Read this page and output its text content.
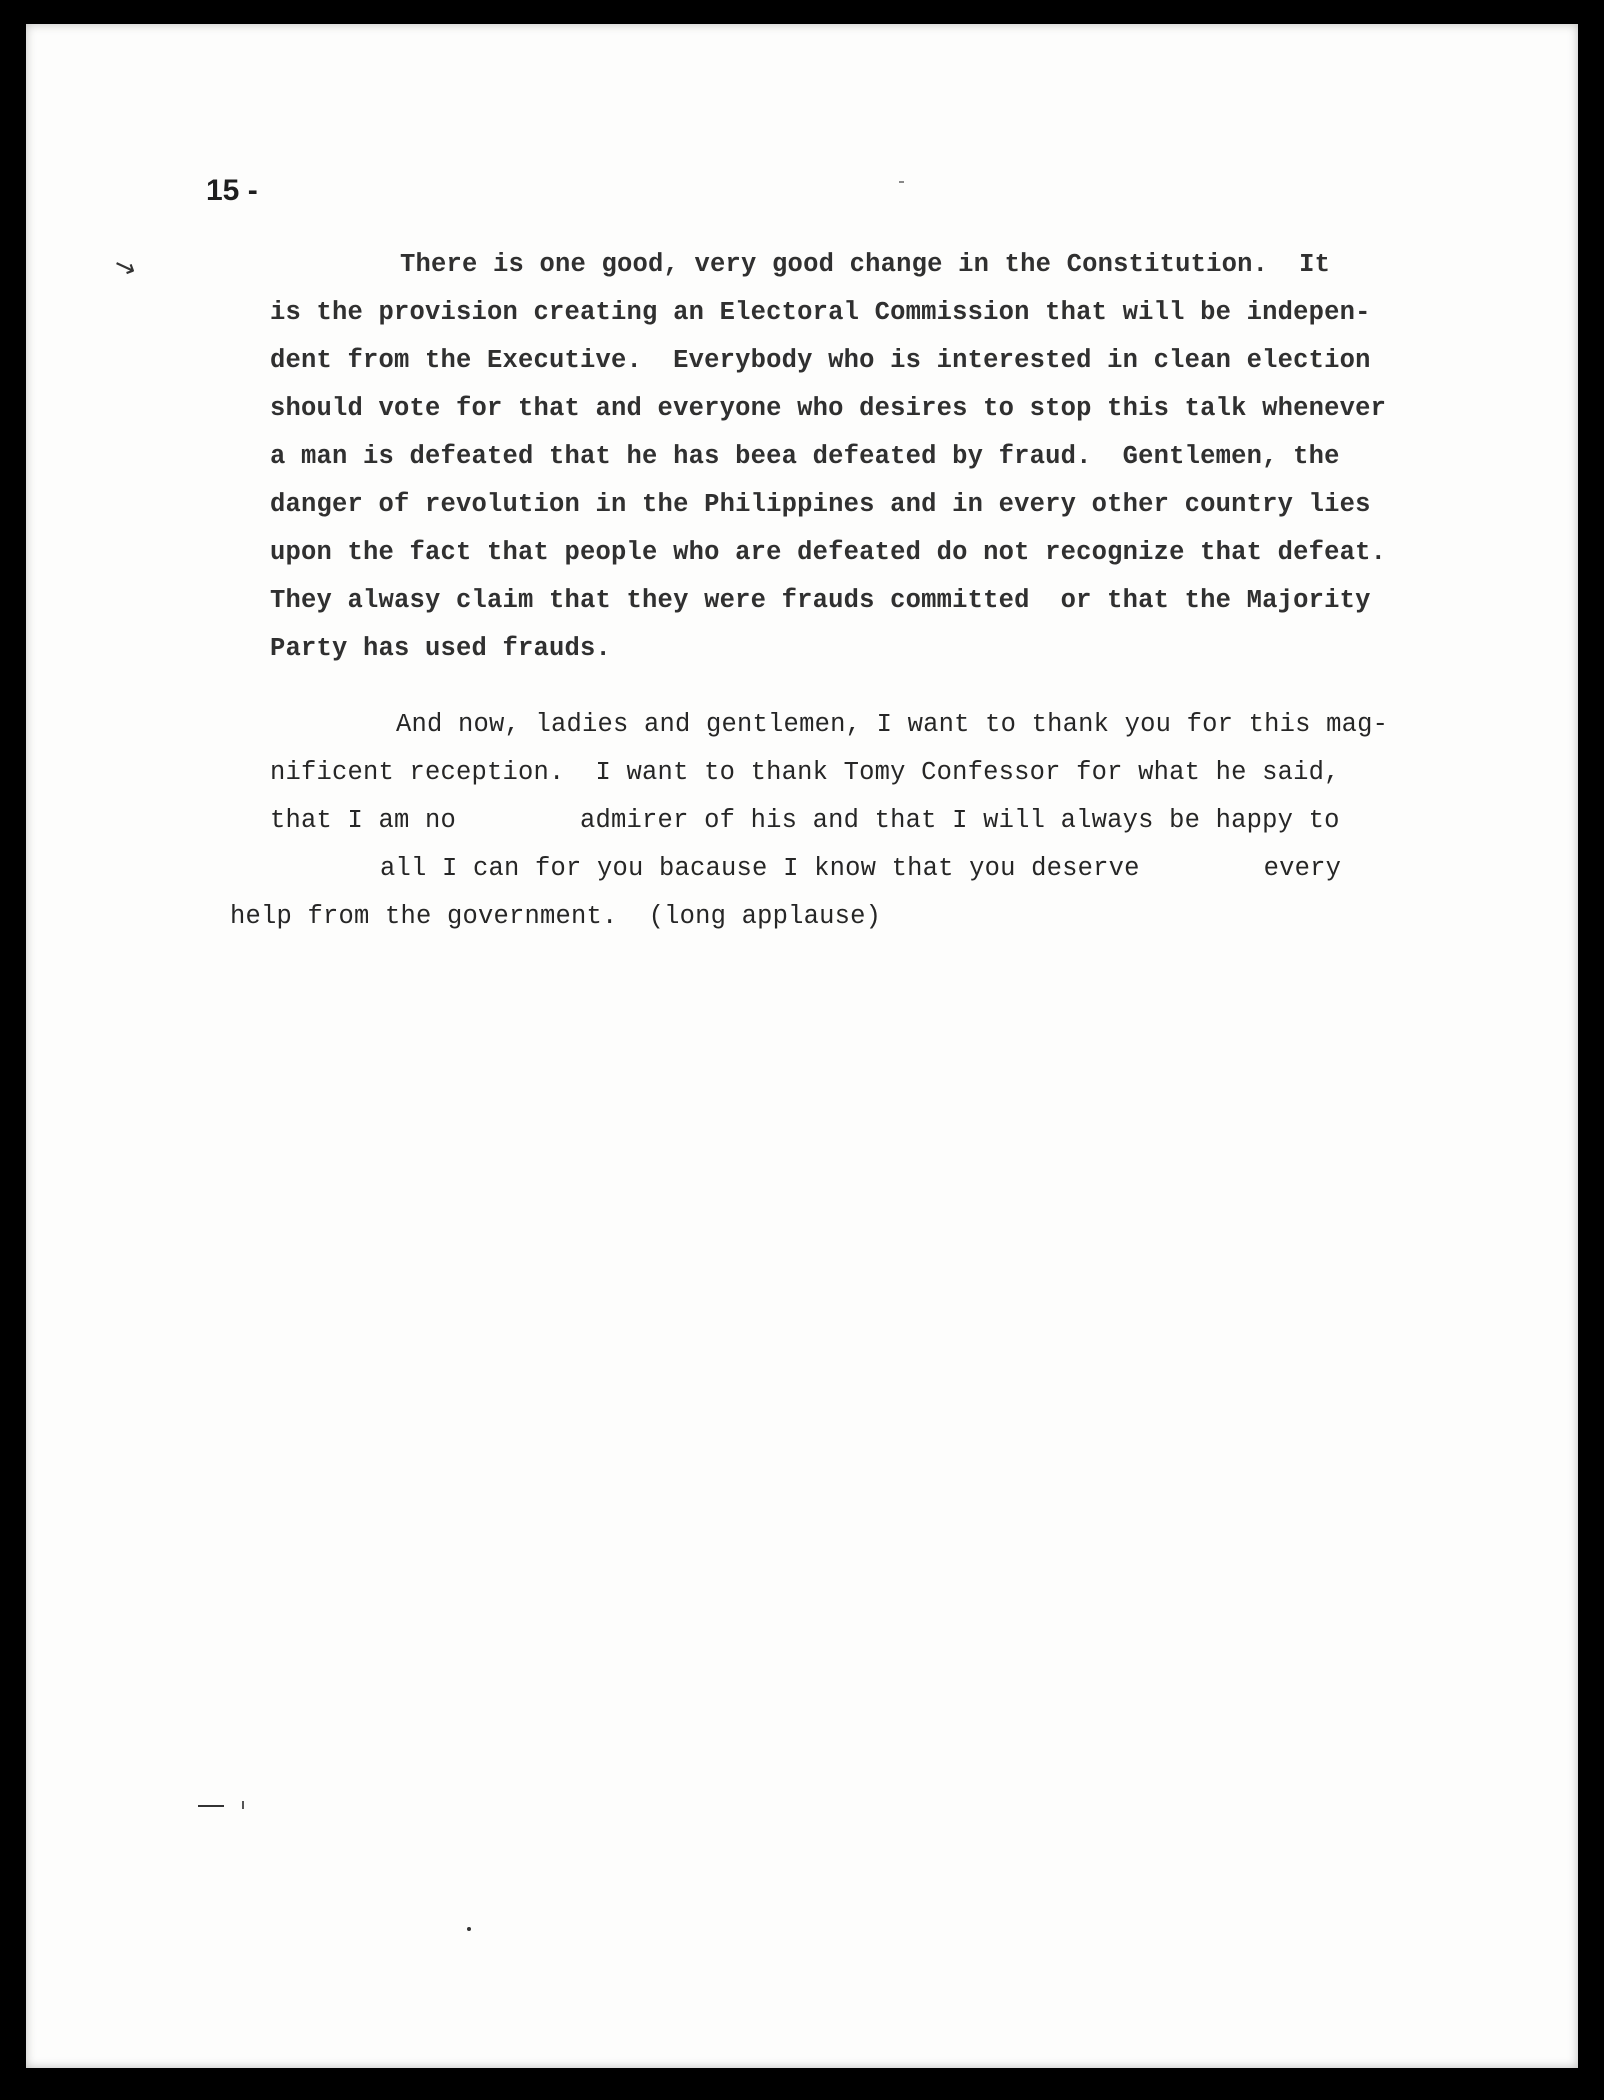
15 -
↘	There is one good, very good change in the Constitution.  It
is the provision creating an Electoral Commission that will be indepen-
dent from the Executive.  Everybody who is interested in clean election
should vote for that and everyone who desires to stop this talk whenever
a man is defeated that he has beea defeated by fraud.  Gentlemen, the
danger of revolution in the Philippines and in every other country lies
upon the fact that people who are defeated do not recognize that defeat.
They alwasy claim that they were frauds committed  or that the Majority
Party has used frauds.
And now, ladies and gentlemen, I want to thank you for this mag-
nificent reception.  I want to thank Tomy Confessor for what he said,
that I am no        admirer of his and that I will always be happy to
all I can for you bacause I know that you deserve        every
help from the government.  (long applause)
